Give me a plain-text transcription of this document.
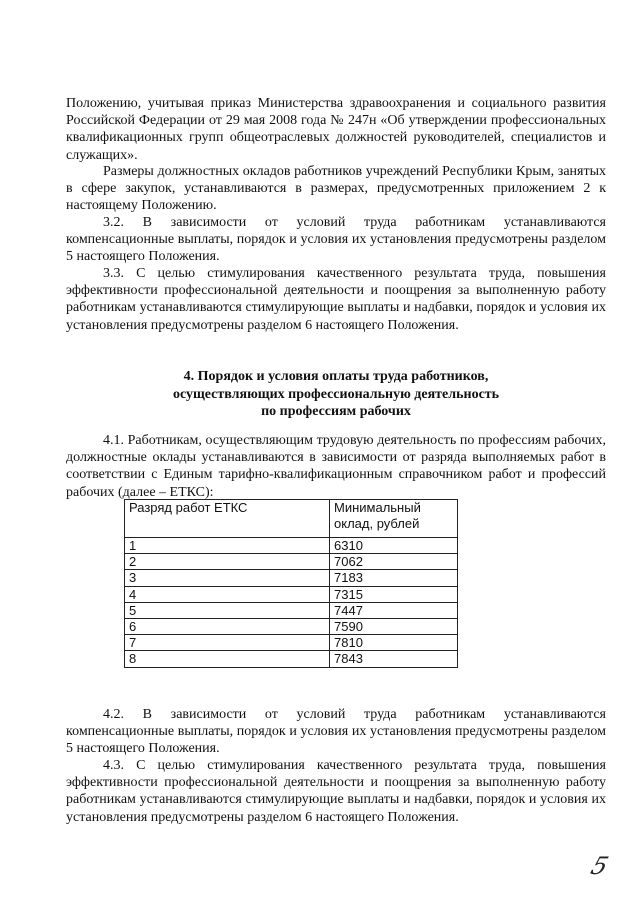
Положению, учитывая приказ Министерства здравоохранения и социального развития Российской Федерации от 29 мая 2008 года № 247н «Об утверждении профессиональных квалификационных групп общеотраслевых должностей руководителей, специалистов и служащих».

Размеры должностных окладов работников учреждений Республики Крым, занятых в сфере закупок, устанавливаются в размерах, предусмотренных приложением 2 к настоящему Положению.

3.2. В зависимости от условий труда работникам устанавливаются компенсационные выплаты, порядок и условия их установления предусмотрены разделом 5 настоящего Положения.

3.3. С целью стимулирования качественного результата труда, повышения эффективности профессиональной деятельности и поощрения за выполненную работу работникам устанавливаются стимулирующие выплаты и надбавки, порядок и условия их установления предусмотрены разделом 6 настоящего Положения.

4. Порядок и условия оплаты труда работников,
осуществляющих профессиональную деятельность
по профессиям рабочих

4.1. Работникам, осуществляющим трудовую деятельность по профессиям рабочих, должностные оклады устанавливаются в зависимости от разряда выполняемых работ в соответствии с Единым тарифно-квалификационным справочником работ и профессий рабочих (далее – ЕТКС):

Разряд работ ЕТКС	Минимальный оклад, рублей
1	6310
2	7062
3	7183
4	7315
5	7447
6	7590
7	7810
8	7843

4.2. В зависимости от условий труда работникам устанавливаются компенсационные выплаты, порядок и условия их установления предусмотрены разделом 5 настоящего Положения.

4.3. С целью стимулирования качественного результата труда, повышения эффективности профессиональной деятельности и поощрения за выполненную работу работникам устанавливаются стимулирующие выплаты и надбавки, порядок и условия их установления предусмотрены разделом 6 настоящего Положения.

5
